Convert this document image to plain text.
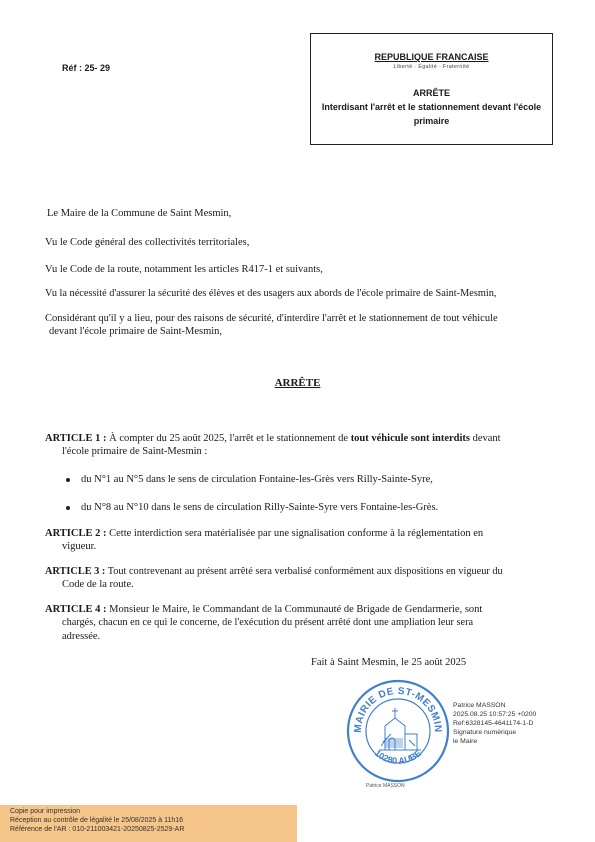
Réf : 25- 29
REPUBLIQUE FRANCAISE
Liberté · Égalité · Fraternité
ARRÊTE
Interdisant l'arrêt et le stationnement devant l'école primaire
Le Maire de la Commune de Saint Mesmin,
Vu le Code général des collectivités territoriales,
Vu le Code de la route, notamment les articles R417-1 et suivants,
Vu la nécessité d'assurer la sécurité des élèves et des usagers aux abords de l'école primaire de Saint-Mesmin,
Considérant qu'il y a lieu, pour des raisons de sécurité, d'interdire l'arrêt et le stationnement de tout véhicule
devant l'école primaire de Saint-Mesmin,
ARRÊTE
ARTICLE 1 : À compter du 25 août 2025, l'arrêt et le stationnement de tout véhicule sont interdits devant
l'école primaire de Saint-Mesmin :
du N°1 au N°5 dans le sens de circulation Fontaine-les-Grès vers Rilly-Sainte-Syre,
du N°8 au N°10 dans le sens de circulation Rilly-Sainte-Syre vers Fontaine-les-Grès.
ARTICLE 2 : Cette interdiction sera matérialisée par une signalisation conforme à la réglementation en
vigueur.
ARTICLE 3 : Tout contrevenant au présent arrêté sera verbalisé conformément aux dispositions en vigueur du
Code de la route.
ARTICLE 4 : Monsieur le Maire, le Commandant de la Communauté de Brigade de Gendarmerie, sont
chargés, chacun en ce qui le concerne, de l'exécution du présent arrêté dont une ampliation leur sera
adressée.
Fait à Saint Mesmin, le 25 août 2025
MAIRIE DE ST-MESMIN
10280 AUBE
Patrice MASSON
Patrice MASSON
2025.08.25 10:57:25 +0200
Ref:6328145-4641174-1-D
Signature numérique
le Maire
Copie pour impression
Réception au contrôle de légalité le 25/08/2025 à 11h16
Référence de l'AR : 010-211003421-20250825-2529-AR
